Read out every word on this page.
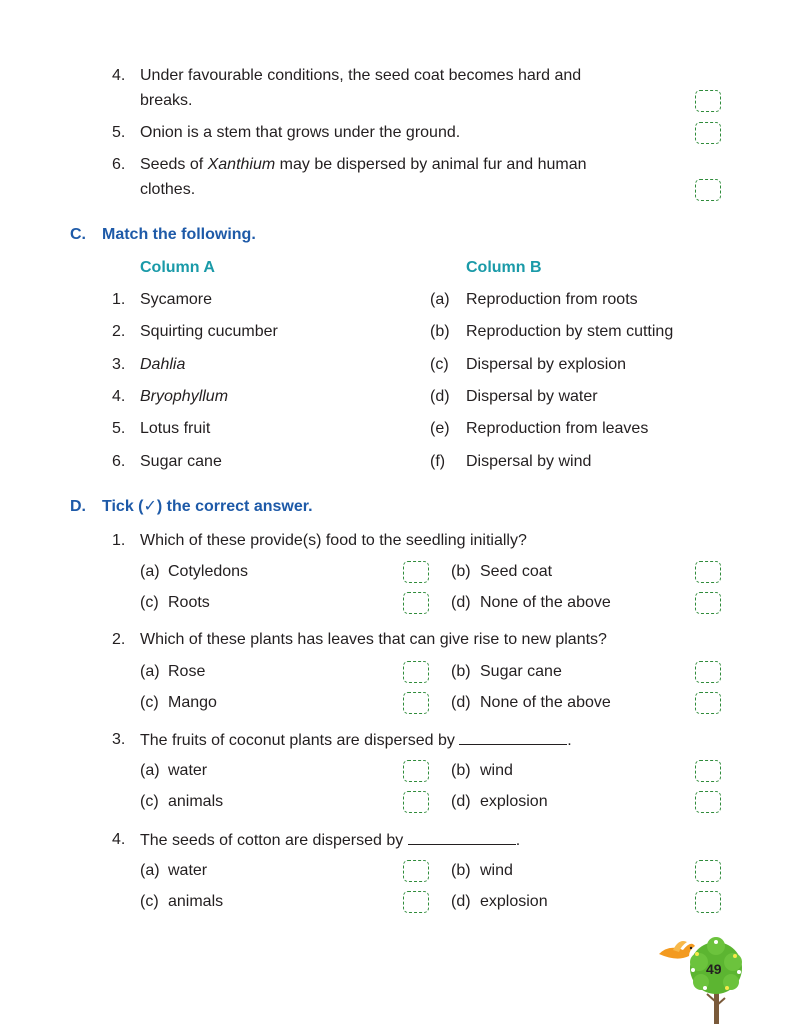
4. Under favourable conditions, the seed coat becomes hard and
breaks.
5. Onion is a stem that grows under the ground.
6. Seeds of Xanthium may be dispersed by animal fur and human
clothes.
C. Match the following.
Column A	Column B
1. Sycamore	(a) Reproduction from roots
2. Squirting cucumber	(b) Reproduction by stem cutting
3. Dahlia	(c) Dispersal by explosion
4. Bryophyllum	(d) Dispersal by water
5. Lotus fruit	(e) Reproduction from leaves
6. Sugar cane	(f) Dispersal by wind
D. Tick (✓) the correct answer.
1. Which of these provide(s) food to the seedling initially?
(a) Cotyledons	(b) Seed coat
(c) Roots	(d) None of the above
2. Which of these plants has leaves that can give rise to new plants?
(a) Rose	(b) Sugar cane
(c) Mango	(d) None of the above
3. The fruits of coconut plants are dispersed by	.
(a) water	(b) wind
(c) animals	(d) explosion
4. The seeds of cotton are dispersed by	.
(a) water	(b) wind
(c) animals	(d) explosion
49
